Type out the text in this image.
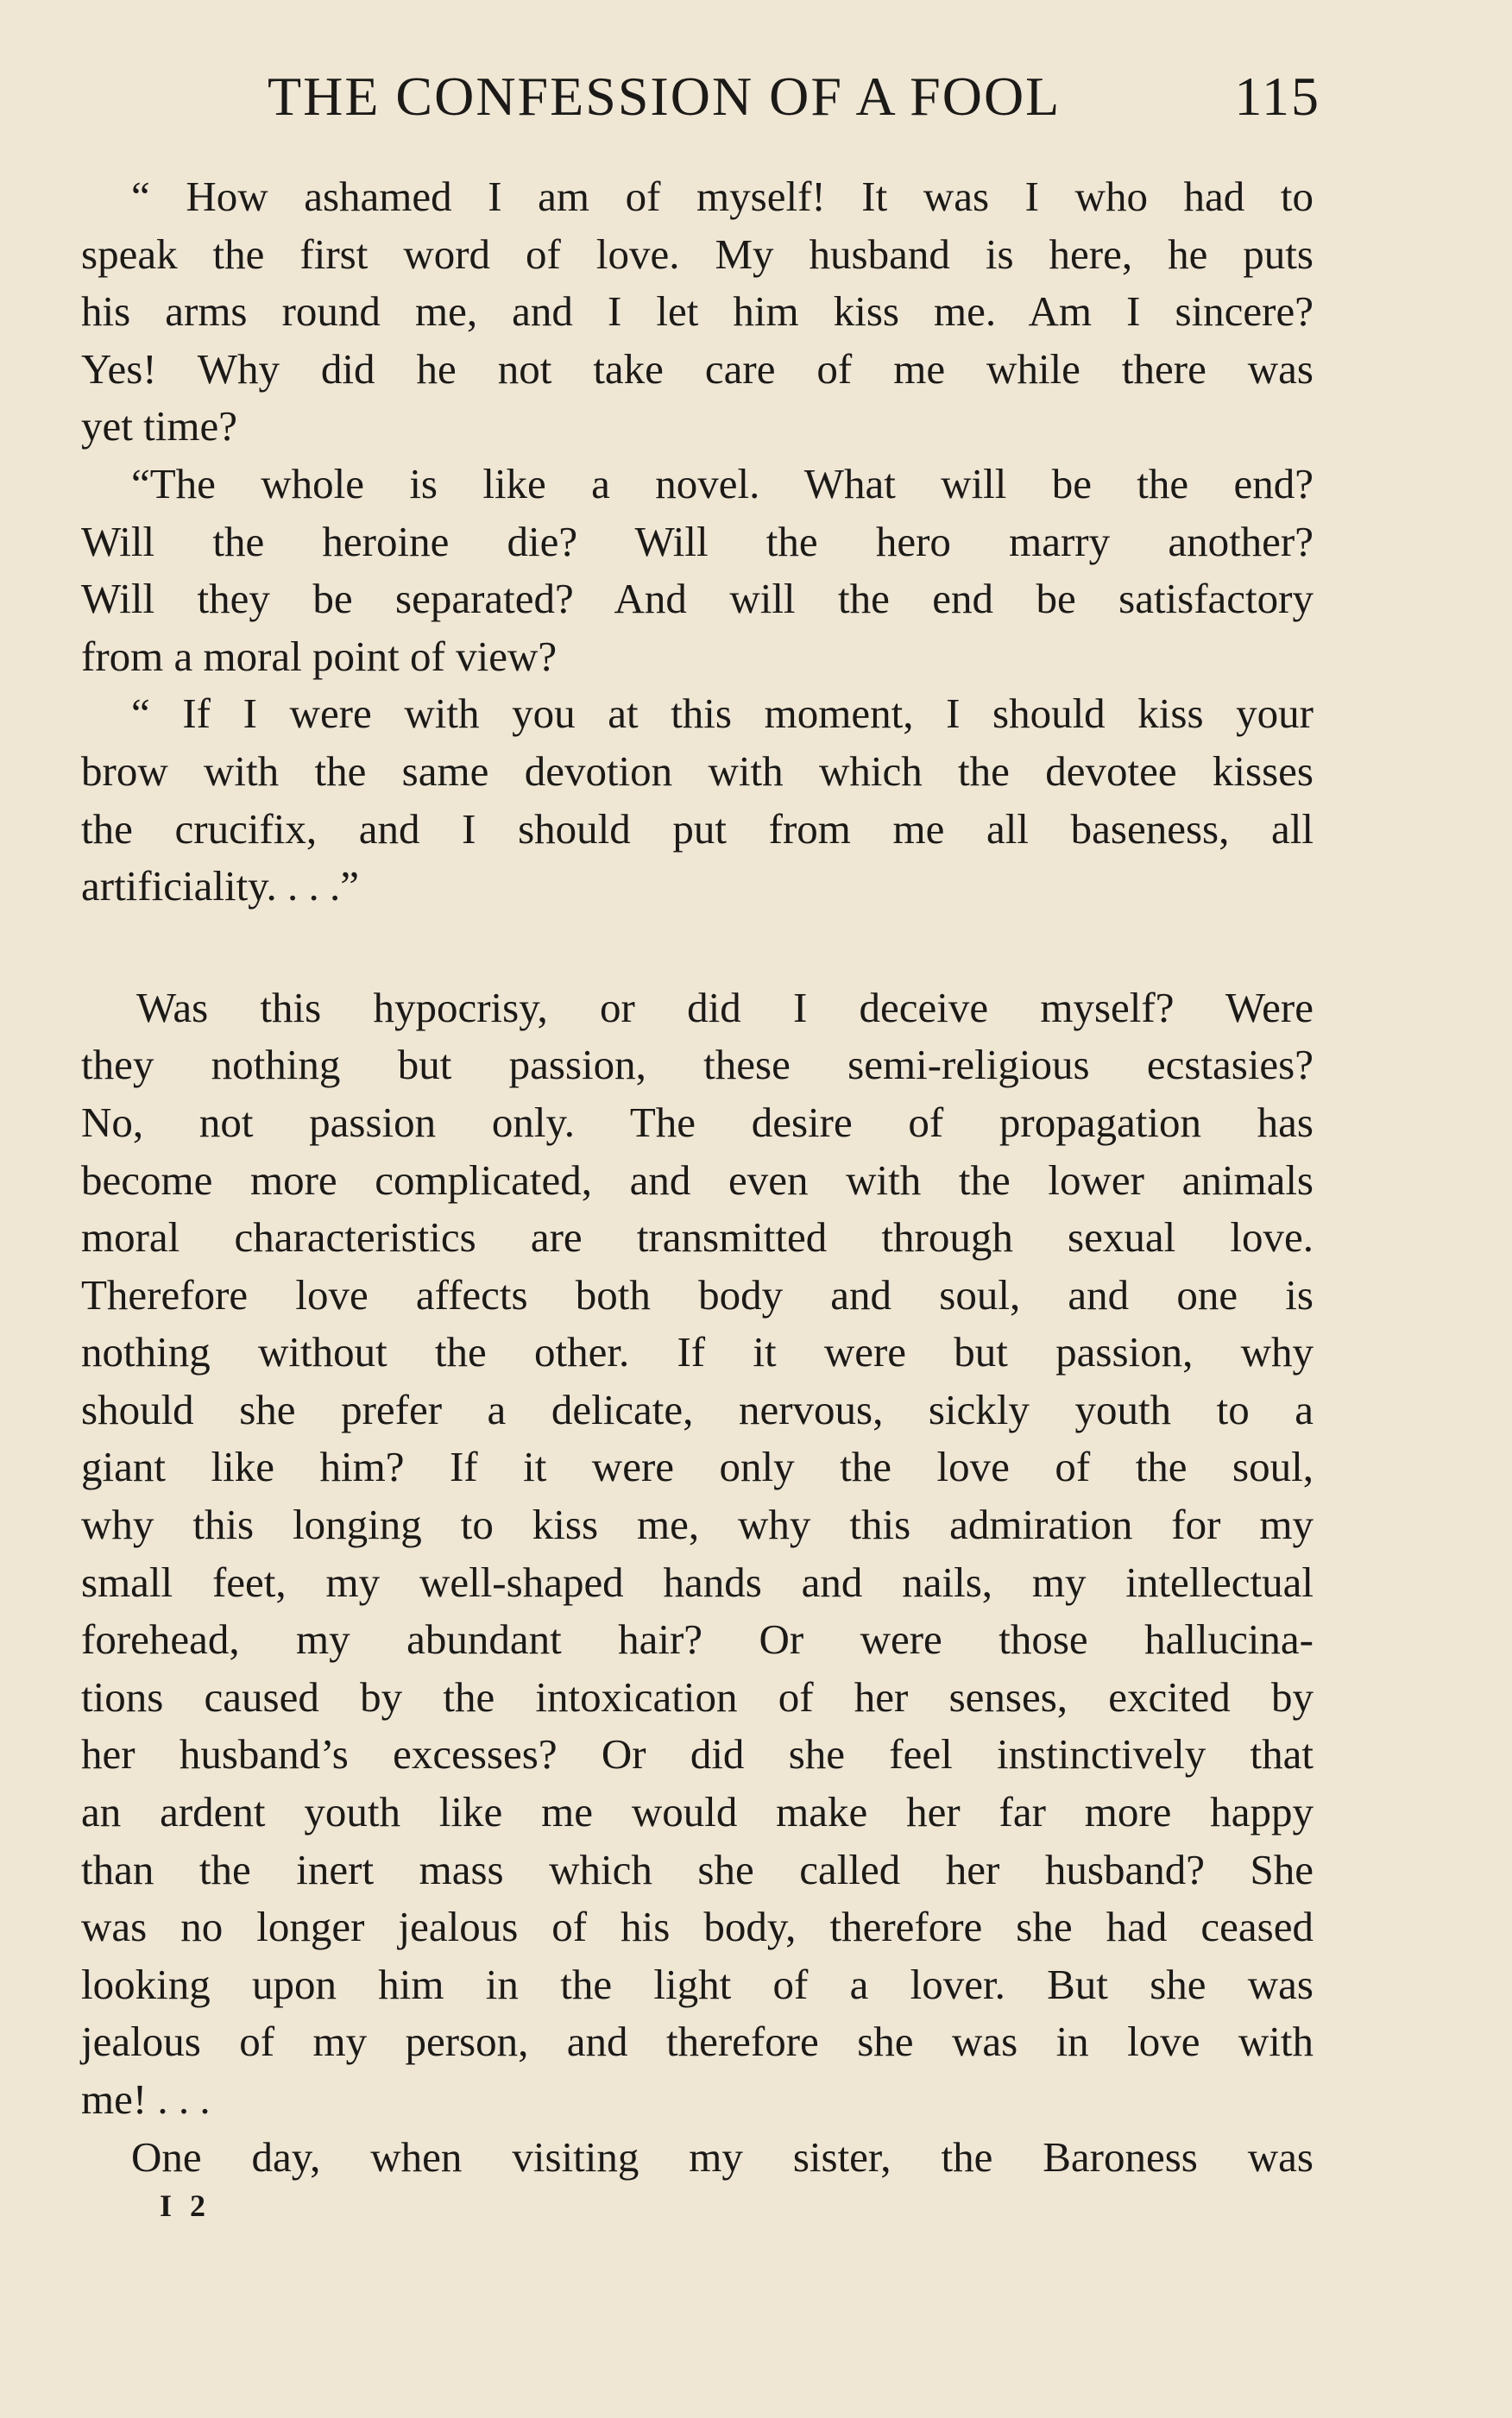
THE CONFESSION OF A FOOL	115
“ How ashamed I am of myself! It was I who had to
speak the first word of love. My husband is here, he puts
his arms round me, and I let him kiss me. Am I sincere?
Yes! Why did he not take care of me while there was
yet time?
“The whole is like a novel. What will be the end?
Will the heroine die? Will the hero marry another?
Will they be separated? And will the end be satisfactory
from a moral point of view?
“ If I were with you at this moment, I should kiss your
brow with the same devotion with which the devotee kisses
the crucifix, and I should put from me all baseness, all
artificiality. . . .”
Was this hypocrisy, or did I deceive myself? Were
they nothing but passion, these semi-religious ecstasies?
No, not passion only. The desire of propagation has
become more complicated, and even with the lower animals
moral characteristics are transmitted through sexual love.
Therefore love affects both body and soul, and one is
nothing without the other. If it were but passion, why
should she prefer a delicate, nervous, sickly youth to a
giant like him? If it were only the love of the soul,
why this longing to kiss me, why this admiration for my
small feet, my well-shaped hands and nails, my intellectual
forehead, my abundant hair? Or were those hallucina-
tions caused by the intoxication of her senses, excited by
her husband’s excesses? Or did she feel instinctively that
an ardent youth like me would make her far more happy
than the inert mass which she called her husband? She
was no longer jealous of his body, therefore she had ceased
looking upon him in the light of a lover. But she was
jealous of my person, and therefore she was in love with
me! . . .
One day, when visiting my sister, the Baroness was
I 2
